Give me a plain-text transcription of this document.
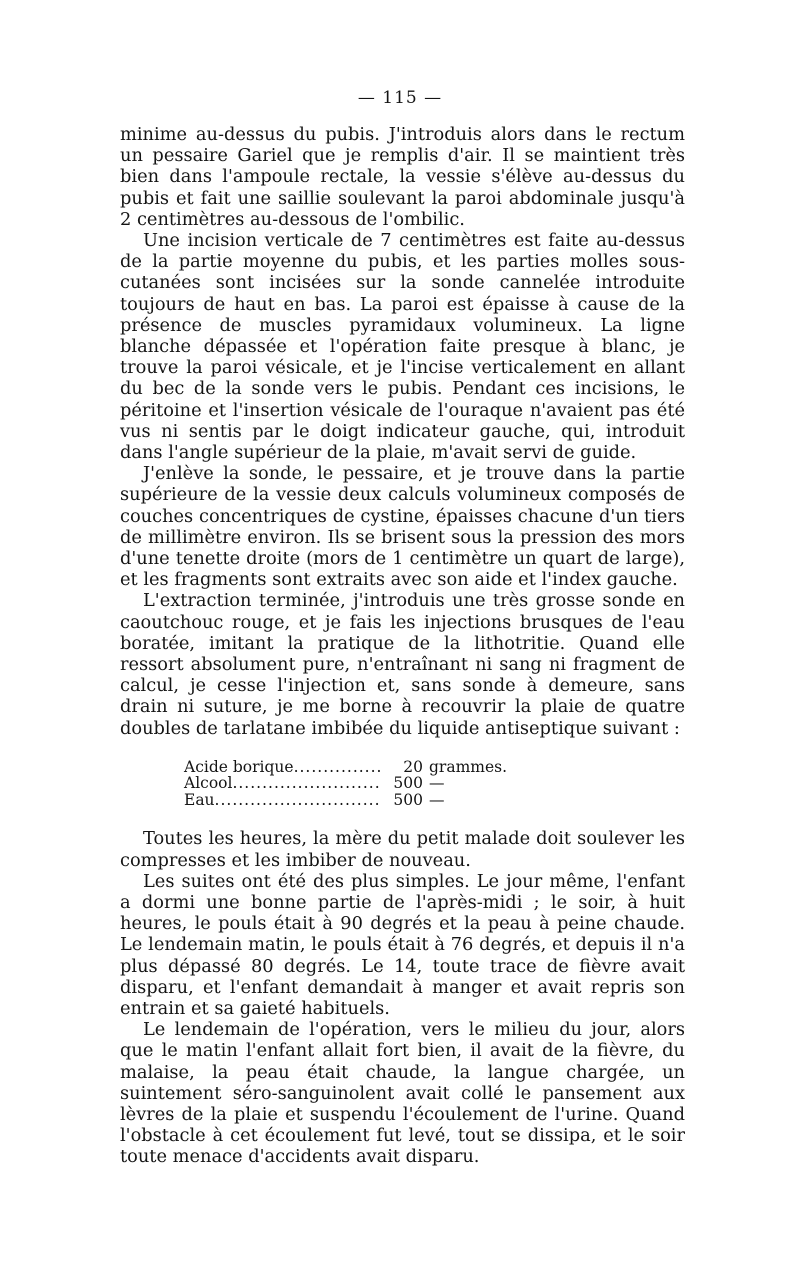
— 115 —

minime au-dessus du pubis. J'introduis alors dans le rectum un pessaire Gariel que je remplis d'air. Il se maintient très bien dans l'ampoule rectale, la vessie s'élève au-dessus du pubis et fait une saillie soulevant la paroi abdominale jusqu'à 2 centimètres au-dessous de l'ombilic.

Une incision verticale de 7 centimètres est faite au-dessus de la partie moyenne du pubis, et les parties molles sous-cutanées sont incisées sur la sonde cannelée introduite toujours de haut en bas. La paroi est épaisse à cause de la présence de muscles pyramidaux volumineux. La ligne blanche dépassée et l'opération faite presque à blanc, je trouve la paroi vésicale, et je l'incise verticalement en allant du bec de la sonde vers le pubis. Pendant ces incisions, le péritoine et l'insertion vésicale de l'ouraque n'avaient pas été vus ni sentis par le doigt indicateur gauche, qui, introduit dans l'angle supérieur de la plaie, m'avait servi de guide.

J'enlève la sonde, le pessaire, et je trouve dans la partie supérieure de la vessie deux calculs volumineux composés de couches concentriques de cystine, épaisses chacune d'un tiers de millimètre environ. Ils se brisent sous la pression des mors d'une tenette droite (mors de 1 centimètre un quart de large), et les fragments sont extraits avec son aide et l'index gauche.

L'extraction terminée, j'introduis une très grosse sonde en caoutchouc rouge, et je fais les injections brusques de l'eau boratée, imitant la pratique de la lithotritie. Quand elle ressort absolument pure, n'entraînant ni sang ni fragment de calcul, je cesse l'injection et, sans sonde à demeure, sans drain ni suture, je me borne à recouvrir la plaie de quatre doubles de tarlatane imbibée du liquide antiseptique suivant :

Acide borique .....	20 grammes.
Alcool .....	500 —
Eau .....	500 —

Toutes les heures, la mère du petit malade doit soulever les compresses et les imbiber de nouveau.

Les suites ont été des plus simples. Le jour même, l'enfant a dormi une bonne partie de l'après-midi ; le soir, à huit heures, le pouls était à 90 degrés et la peau à peine chaude. Le lendemain matin, le pouls était à 76 degrés, et depuis il n'a plus dépassé 80 degrés. Le 14, toute trace de fièvre avait disparu, et l'enfant demandait à manger et avait repris son entrain et sa gaieté habituels.

Le lendemain de l'opération, vers le milieu du jour, alors que le matin l'enfant allait fort bien, il avait de la fièvre, du malaise, la peau était chaude, la langue chargée, un suintement séro-sanguinolent avait collé le pansement aux lèvres de la plaie et suspendu l'écoulement de l'urine. Quand l'obstacle à cet écoulement fut levé, tout se dissipa, et le soir toute menace d'accidents avait disparu.
